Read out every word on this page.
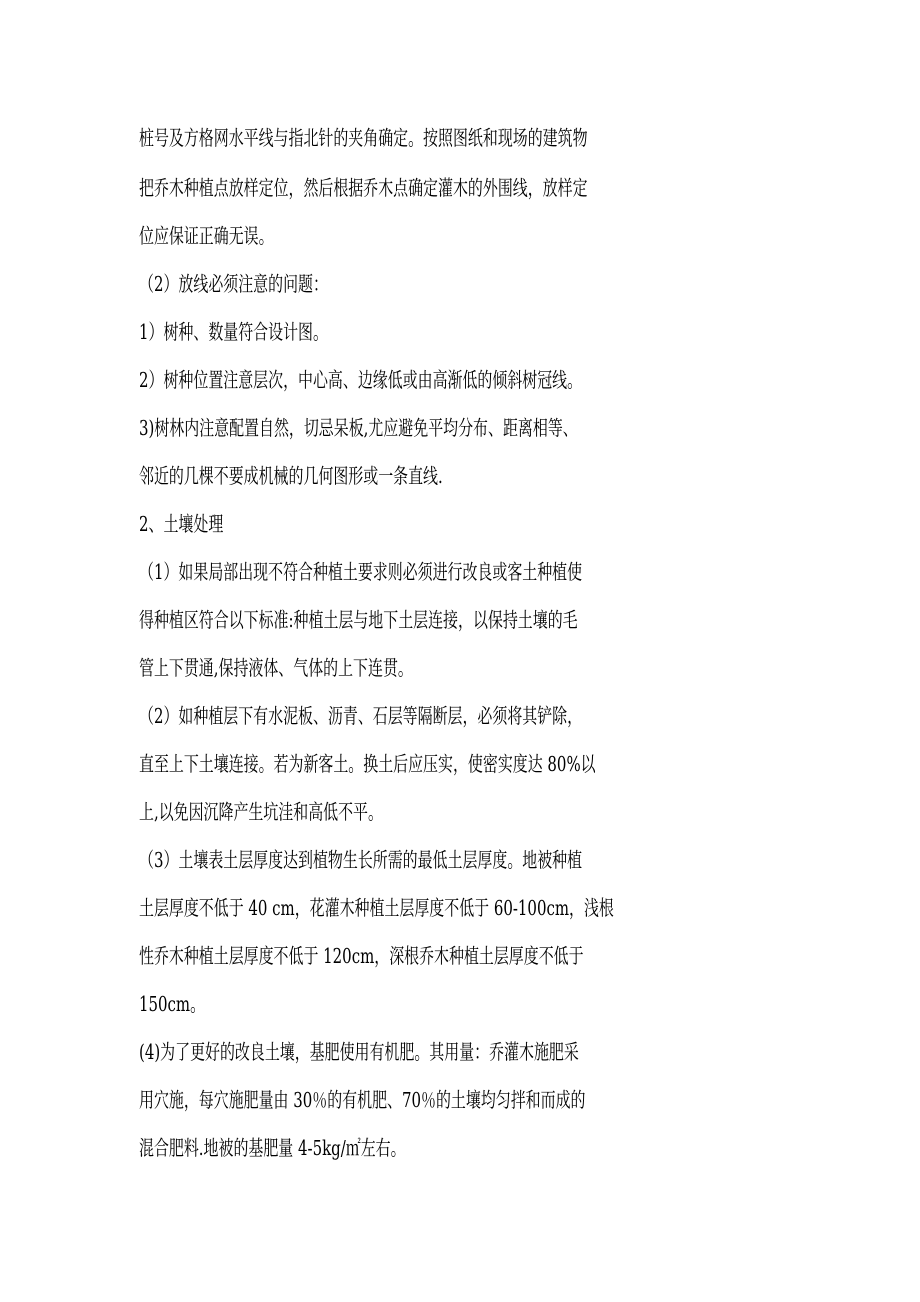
桩号及方格网水平线与指北针的夹角确定。按照图纸和现场的建筑物
把乔木种植点放样定位，然后根据乔木点确定灌木的外围线，放样定
位应保证正确无误。
（2）放线必须注意的问题：
1）树种、数量符合设计图。
2）树种位置注意层次，中心高、边缘低或由高渐低的倾斜树冠线。
3)树林内注意配置自然，切忌呆板,尤应避免平均分布、距离相等、
邻近的几棵不要成机械的几何图形或一条直线.
2、土壤处理
（1）如果局部出现不符合种植土要求则必须进行改良或客土种植使
得种植区符合以下标准:种植土层与地下土层连接，以保持土壤的毛
管上下贯通,保持液体、气体的上下连贯。
（2）如种植层下有水泥板、沥青、石层等隔断层，必须将其铲除，
直至上下土壤连接。若为新客土。换土后应压实，使密实度达 80%以
上,以免因沉降产生坑洼和高低不平。
（3）土壤表土层厚度达到植物生长所需的最低土层厚度。地被种植
土层厚度不低于 40 cm，花灌木种植土层厚度不低于 60-100cm，浅根
性乔木种植土层厚度不低于 120cm，深根乔木种植土层厚度不低于
150cm。
(4)为了更好的改良土壤，基肥使用有机肥。其用量：乔灌木施肥采
用穴施，每穴施肥量由 30％的有机肥、70％的土壤均匀拌和而成的
混合肥料.地被的基肥量 4-5kg/㎡左右。
